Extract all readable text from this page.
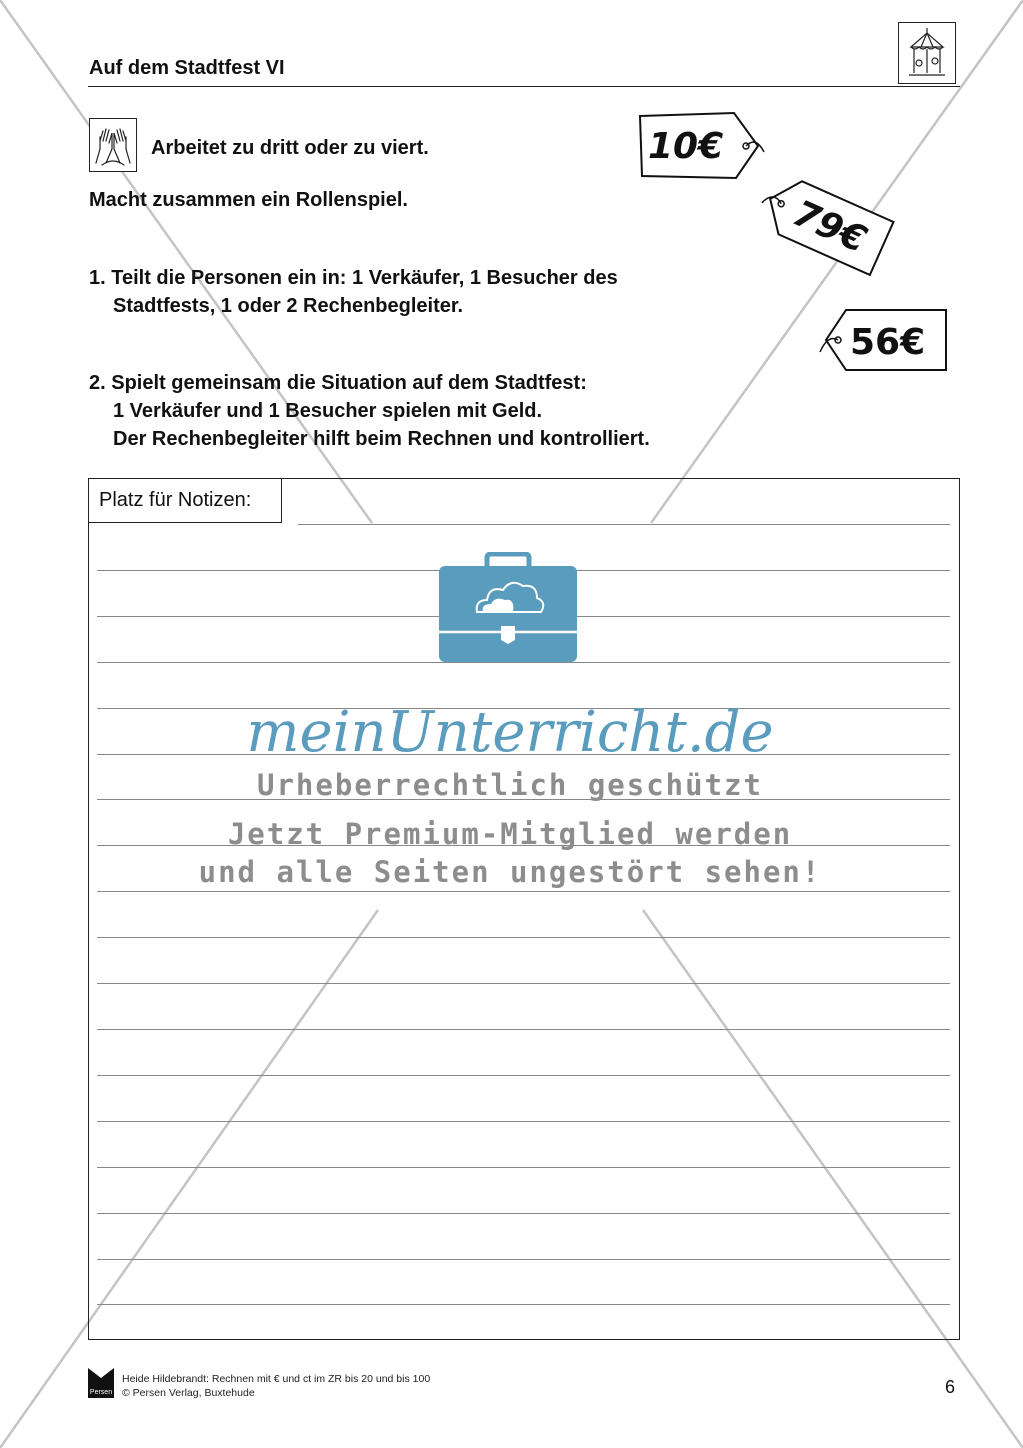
Auf dem Stadtfest VI
Arbeitet zu dritt oder zu viert.
Macht zusammen ein Rollenspiel.
1. Teilt die Personen ein in: 1 Verkäufer, 1 Besucher des
Stadtfests, 1 oder 2 Rechenbegleiter.
2. Spielt gemeinsam die Situation auf dem Stadtfest:
1 Verkäufer und 1 Besucher spielen mit Geld.
Der Rechenbegleiter hilft beim Rechnen und kontrolliert.
10€
79€
56€
Platz für Notizen:
meinUnterricht.de
Urheberrechtlich geschützt
Jetzt Premium-Mitglied werden
und alle Seiten ungestört sehen!
Persen
Heide Hildebrandt: Rechnen mit € und ct im ZR bis 20 und bis 100
© Persen Verlag, Buxtehude	6
